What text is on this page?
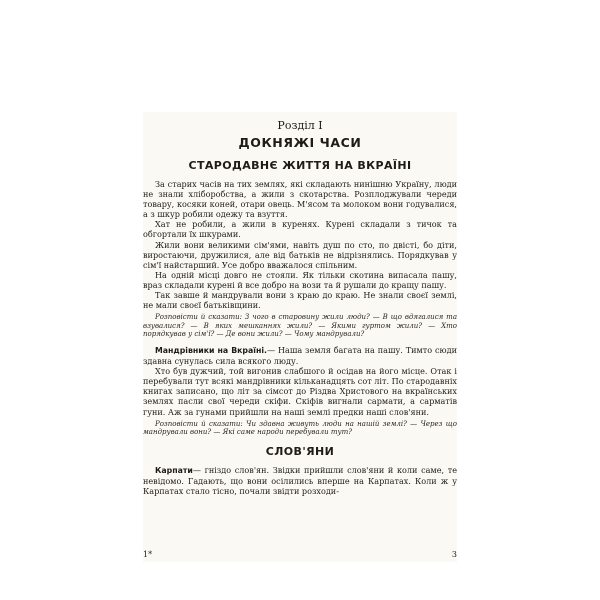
Розділ І
ДОКНЯЖІ ЧАСИ
СТАРОДАВНЄ ЖИТТЯ НА ВКРАЇНІ

За старих часів на тих землях, які складають нинішню Україну, люди не знали хліборобства, а жили з скотарства. Розплоджували череди товару, косяки коней, отари овець. М'ясом та молоком вони годувалися, а з шкур робили одежу та взуття.

Хат не робили, а жили в куренях. Курені складали з тичок та обгортали їх шкурами.

Жили вони великими сім'ями, навіть душ по сто, по двісті, бо діти, виростаючи, дружилися, але від батьків не відрізнялись. Порядкував у сім'ї найстарший. Усе добро вважалося спільним.

На одній місці довго не стояли. Як тільки скотина випасала пашу, враз складали курені й все добро на вози та й рушали до кращу пашу.

Так завше й мандрували вони з краю до краю. Не знали своєї землі, не мали своєї батьківщини.

Розповісти й сказати: З чого в старовину жили люди? — В що вдягалися та взувалися? — В яких мешканнях жили? — Якими гуртом жили? — Хто порядкував у сім'ї? — Де вони жили? — Чому мандрували?

Мандрівники на Вкраїні.— Наша земля багата на пашу. Тимто сюди здавна сунулась сила всякого люду.

Хто був дужчий, той вигонив слабшого й осідав на його місце. Отак і перебували тут всякі мандрівники кільканадцять сот літ. По стародавніх книгах записано, що літ за сімсот до Різдва Христового на вкраїнських землях пасли свої череди скіфи. Скіфів вигнали сармати, а сарматів гуни. Аж за гунами прийшли на наші землі предки наші слов'яни.

Розповісти й сказати: Чи здавна живуть люди на нашій землі? — Через що мандрували вони? — Які саме народи перебували тут?

СЛОВ'ЯНИ

Карпати— гніздо слов'ян. Звідки прийшли слов'яни й коли саме, те невідомо. Гадають, що вони осілились вперше на Карпатах. Коли ж у Карпатах стало тісно, почали звідти розходи-

1*	3
